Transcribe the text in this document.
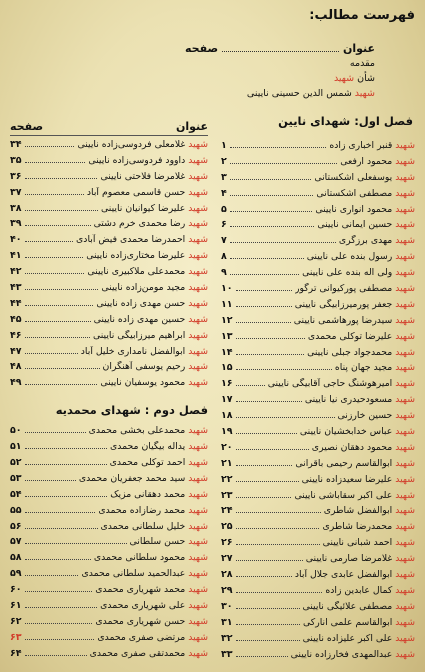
فهرست مطالب:
عنوان
صفحه
مقدمه
شأن شهید
شهید شمس الدین حسینی نایینی
فصل اول: شهدای نایین
شهید قنبر اخباری زاده
۱
شهید محمود ارفعی
۲
شهید یوسفعلی اشکستانی
۳
شهید مصطفی اشکستانی
۴
شهید محمود انواری نایینی
۵
شهید حسین ایمانی نایینی
۶
شهید مهدی برزگری
۷
شهید رسول بنده علی نایینی
۸
شهید ولی اله بنده علی نایینی
۹
شهید مصطفی پورکیوانی ترگور
۱۰
شهید جعفر پورمیرزابیگی نایینی
۱۱
شهید سیدرضا پورهاشمی نایینی
۱۲
شهید علیرضا توکلی محمدی
۱۳
شهید محمدجواد جبلی نایینی
۱۴
شهید مجید جهان پناه
۱۵
شهید امیرهوشنگ حاجی آقابیگی نایینی
۱۶
شهید مسعودحیدری نیا نایینی
۱۷
شهید حسین خارزنی
۱۸
شهید عباس خدابخشیان نایینی
۱۹
شهید محمود دهقان نصیری
۲۰
شهید ابوالقاسم رحیمی باقرانی
۲۱
شهید علیرضا سعیدزاده نایینی
۲۲
شهید علی اکبر سقاباشی نایینی
۲۳
شهید ابوالفضل شاطری
۲۴
شهید محمدرضا شاطری
۲۵
شهید احمد شبانی نایینی
۲۶
شهید غلامرضا صارمی نایینی
۲۷
شهید ابوالفضل عابدی جلال آباد
۲۸
شهید کمال عابدین زاده
۲۹
شهید مصطفی علائیگی نایینی
۳۰
شهید ابوالقاسم علمی اناركی
۳۱
شهید علی اکبر علیزاده نایینی
۳۲
شهید عبدالمهدی فخارزاده نایینی
۳۳
عنوان
صفحه
شهید غلامعلی فردوسی‌زاده نایینی
۳۴
شهید داوود فردوسی‌زاده نایینی
۳۵
شهید غلامرضا فلاحتی نایینی
۳۶
شهید حسن قاسمی معصوم آباد
۳۷
شهید علیرضا کیوانیان نایینی
۳۸
شهید رضا محمدی خرم دشتی
۳۹
شهید احمدرضا محمدی فیض آبادی
۴۰
شهید علیرضا مختاری‌زاده نایینی
۴۱
شهید محمدعلی ملاکبیری نایینی
۴۲
شهید مجید مومن‌زاده نایینی
۴۳
شهید حسن مهدی زاده نایینی
۴۴
شهید حسین مهدی زاده نایینی
۴۵
شهید ابراهیم میرزابیگی نایینی
۴۶
شهید ابوالفضل نامداری خلیل آباد
۴۷
شهید رحیم یوسفی آهنگران
۴۸
شهید محمود یوسفیان نایینی
۴۹
فصل دوم : شهدای محمدیه
شهید محمدعلی بخشی محمدی
۵۰
شهید یداله بیگیان محمدی
۵۱
شهید احمد توکلی محمدی
۵۲
شهید سید محمد جعفریان محمدی
۵۳
شهید محمد دهقانی مزیک
۵۴
شهید محمد رضازاده محمدی
۵۵
شهید خلیل سلطانی محمدی
۵۶
شهید حسن سلطانی
۵۷
شهید محمود سلطانی محمدی
۵۸
شهید عبدالحمید سلطانی محمدی
۵۹
شهید محمد شهریاری محمدی
۶۰
شهید علی شهریاری محمدی
۶۱
شهید حسن شهریاری محمدی
۶۲
شهید مرتضی صفری محمدی
۶۳
شهید محمدتقی صفری محمدی
۶۴
